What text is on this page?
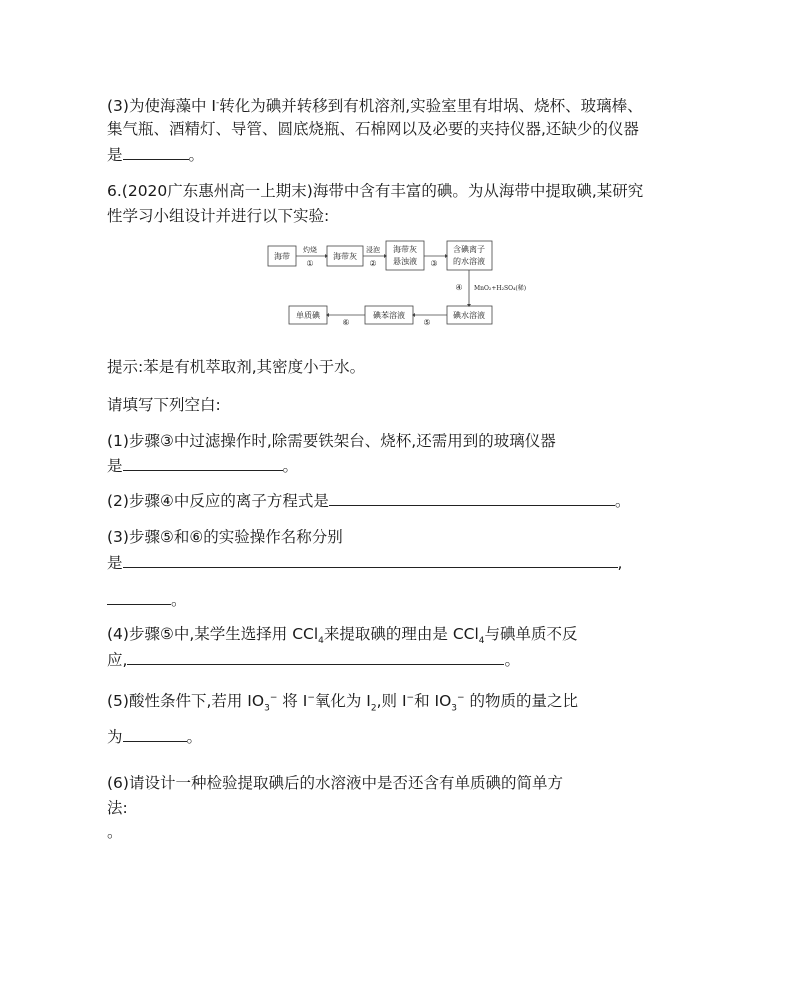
(3)为使海藻中 I-转化为碘并转移到有机溶剂,实验室里有坩埚、烧杯、玻璃棒、
集气瓶、酒精灯、导管、圆底烧瓶、石棉网以及必要的夹持仪器,还缺少的仪器
是	。
6.(2020广东惠州高一上期末)海带中含有丰富的碘。为从海带中提取碘,某研究
性学习小组设计并进行以下实验:
海带	海带灰
海带灰
悬浊液
含碘离子
的水溶液
碘水溶液
碘苯溶液
单质碘
灼烧
①
浸泡
②	③
④
⑤
⑥
MnO₂+H₂SO₄(稀)
提示:苯是有机萃取剂,其密度小于水。
请填写下列空白:
(1)步骤③中过滤操作时,除需要铁架台、烧杯,还需用到的玻璃仪器
是	。
(2)步骤④中反应的离子方程式是	。
(3)步骤⑤和⑥的实验操作名称分别
是	,
。
(4)步骤⑤中,某学生选择用 CCl$_4$来提取碘的理由是 CCl$_4$与碘单质不反
应,	。
(5)酸性条件下,若用 $IO_3^-$ 将 I−氧化为 $I_2$,则 I−和 $IO_3^-$ 的物质的量之比
为	。
(6)请设计一种检验提取碘后的水溶液中是否还含有单质碘的简单方
法:
。
